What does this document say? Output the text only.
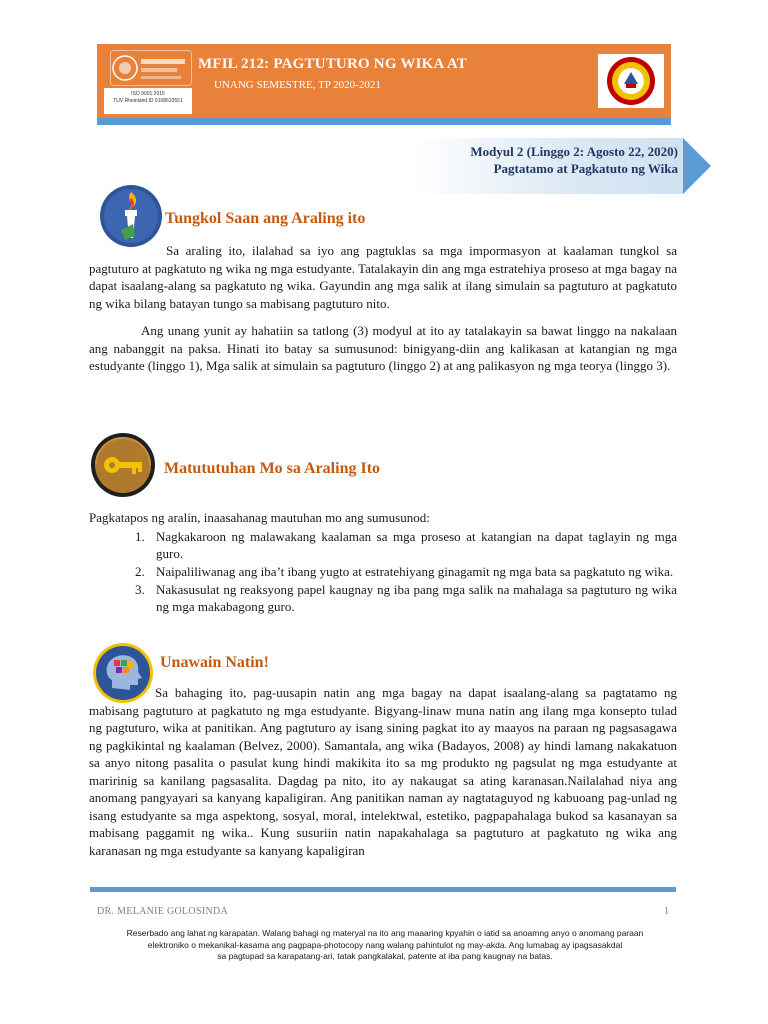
ISO 9001:2015
TUV Rheinland ID 9108633551
MFIL 212: PAGTUTURO NG WIKA AT
UNANG SEMESTRE, TP 2020-2021
Modyul 2 (Linggo 2: Agosto 22, 2020)
Pagtatamo at Pagkatuto ng Wika
Tungkol Saan ang Araling ito

Sa araling ito, ilalahad sa iyo ang pagtuklas sa mga impormasyon at kaalaman tungkol sa pagtuturo at pagkatuto ng wika ng mga estudyante. Tatalakayin din ang mga estratehiya proseso at mga bagay na dapat isaalang-alang sa pagkatuto ng wika. Gayundin ang mga salik at ilang simulain sa pagtuturo at pagkatuto ng wika bilang batayan tungo sa mabisang pagtuturo nito.

Ang unang yunit ay hahatiin sa tatlong (3) modyul at ito ay tatalakayin sa bawat linggo na nakalaan ang nabanggit na paksa. Hinati ito batay sa sumusunod: binigyang-diin ang kalikasan at katangian ng mga estudyante (linggo 1), Mga salik at simulain sa pagtuturo (linggo 2) at ang palikasyon ng mga teorya (linggo 3).

Matututuhan Mo sa Araling Ito

Pagkatapos ng aralin, inaasahanag mautuhan mo ang sumusunod:

1. Nagkakaroon ng malawakang kaalaman sa mga proseso at katangian na dapat taglayin ng mga guro.
2. Naipaliliwanag ang iba’t ibang yugto at estratehiyang ginagamit ng mga bata sa pagkatuto ng wika.
3. Nakasusulat ng reaksyong papel kaugnay ng iba pang mga salik na mahalaga sa pagtuturo ng wika ng mga makabagong guro.
Unawain Natin!

Sa bahaging ito, pag-uusapin natin ang mga bagay na dapat isaalang-alang sa pagtatamo ng mabisang pagtuturo at pagkatuto ng mga estudyante. Bigyang-linaw muna natin ang ilang mga konsepto tulad ng pagtuturo, wika at panitikan. Ang pagtuturo ay isang sining pagkat ito ay maayos na paraan ng pagsasagawa ng pagkikintal ng kaalaman (Belvez, 2000). Samantala, ang wika (Badayos, 2008) ay hindi lamang nakakatuon sa anyo nitong pasalita o pasulat kung hindi makikita ito sa mg produkto ng pagsulat ng mga estudyante at maririnig sa kanilang pagsasalita. Dagdag pa nito, ito ay nakaugat sa ating karanasan.Nailalahad niya ang anomang pangyayari sa kanyang kapaligiran. Ang panitikan naman ay nagtataguyod ng kabuoang pag-unlad ng isang estudyante sa mga aspektong, sosyal, moral, intelektwal, estetiko, pagpapahalaga bukod sa kasanayan sa mabisang paggamit ng wika.. Kung susuriin natin napakahalaga sa pagtuturo at pagkatuto ng wika ang karanasan ng mga estudyante sa kanyang kapaligiran

DR. MELANIE GOLOSINDA	1
Reserbado ang lahat ng karapatan. Walang bahagi ng materyal na ito ang maaaring kpyahin o iatid sa anoamng anyo o anomang paraan
elektroniko o mekanikal-kasama ang pagpapa-photocopy nang walang pahintulot ng may-akda. Ang lumabag ay ipagsasakdal
sa pagtupad sa karapatang-ari, tatak pangkalakal, patente at iba pang kaugnay na batas.
